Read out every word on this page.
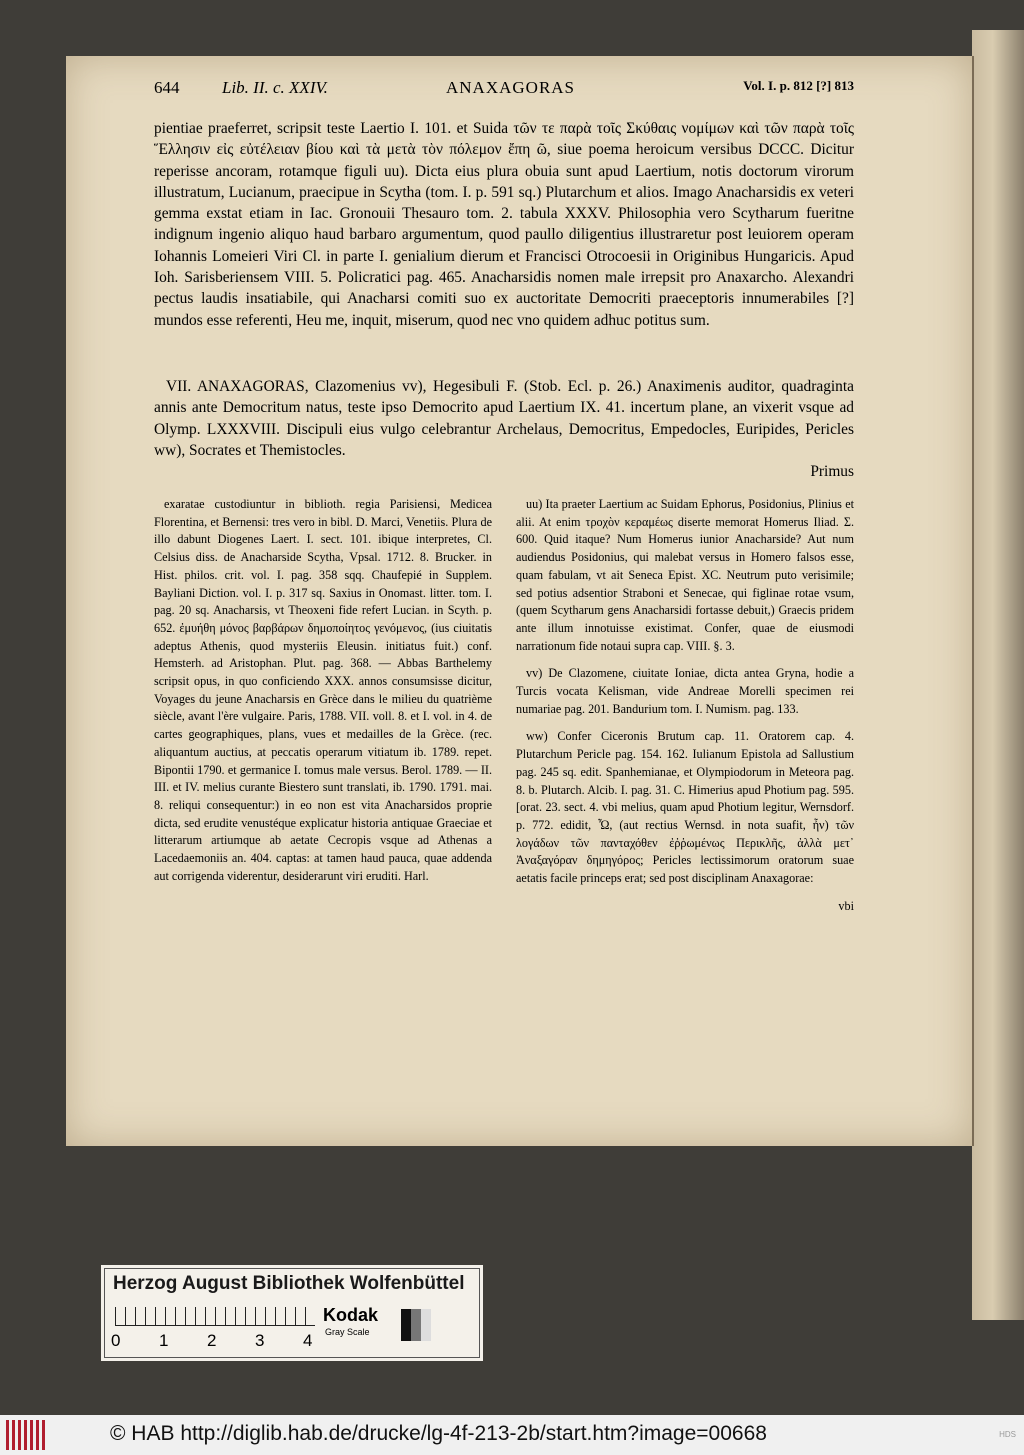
644	Lib. II. c. XXIV.	ANAXAGORAS	Vol. I. p. 812 [?] 813

pientiae praeferret, scripsit teste Laertio I. 101. et Suida τῶν τε παρὰ τοῖς Σκύθαις νομίμων καὶ τῶν παρὰ τοῖς Ἕλλησιν εἰς εὐτέλειαν βίου καὶ τὰ μετὰ τὸν πόλεμον ἔπη ῶ, siue poema heroicum versibus DCCC. Dicitur reperisse ancoram, rotamque figuli uu). Dicta eius plura obuia sunt apud Laertium, notis doctorum virorum illustratum, Lucianum, praecipue in Scytha (tom. I. p. 591 sq.) Plutarchum et alios. Imago Anacharsidis ex veteri gemma exstat etiam in Iac. Gronouii Thesauro tom. 2. tabula XXXV. Philosophia vero Scytharum fueritne indignum ingenio aliquo haud barbaro argumentum, quod paullo diligentius illustraretur post leuiorem operam Iohannis Lomeieri Viri Cl. in parte I. genialium dierum et Francisci Otrocoesii in Originibus Hungaricis. Apud Ioh. Sarisberiensem VIII. 5. Policratici pag. 465. Anacharsidis nomen male irrepsit pro Anaxarcho. Alexandri pectus laudis insatiabile, qui Anacharsi comiti suo ex auctoritate Democriti praeceptoris innumerabiles [?] mundos esse referenti, Heu me, inquit, miserum, quod nec vno quidem adhuc potitus sum.

VII. ANAXAGORAS, Clazomenius vv), Hegesibuli F. (Stob. Ecl. p. 26.) Anaximenis auditor, quadraginta annis ante Democritum natus, teste ipso Democrito apud Laertium IX. 41. incertum plane, an vixerit vsque ad Olymp. LXXXVIII. Discipuli eius vulgo celebrantur Archelaus, Democritus, Empedocles, Euripides, Pericles ww), Socrates et Themistocles.

Primus

exaratae custodiuntur in biblioth. regia Parisiensi, Medicea Florentina, et Bernensi: tres vero in bibl. D. Marci, Venetiis. Plura de illo dabunt Diogenes Laert. I. sect. 101. ibique interpretes, Cl. Celsius diss. de Anacharside Scytha, Vpsal. 1712. 8. Brucker. in Hist. philos. crit. vol. I. pag. 358 sqq. Chaufepié in Supplem. Bayliani Diction. vol. I. p. 317 sq. Saxius in Onomast. litter. tom. I. pag. 20 sq. Anacharsis, vt Theoxeni fide refert Lucian. in Scyth. p. 652. ἐμυήθη μόνος βαρβάρων δημοποίητος γενόμενος, (ius ciuitatis adeptus Athenis, quod mysteriis Eleusin. initiatus fuit.) conf. Hemsterh. ad Aristophan. Plut. pag. 368. — Abbas Barthelemy scripsit opus, in quo conficiendo XXX. annos consumsisse dicitur, Voyages du jeune Anacharsis en Grèce dans le milieu du quatrième siècle, avant l'ère vulgaire. Paris, 1788. VII. voll. 8. et I. vol. in 4. de cartes geographiques, plans, vues et medailles de la Grèce. (rec. aliquantum auctius, at peccatis operarum vitiatum ib. 1789. repet. Bipontii 1790. et germanice I. tomus male versus. Berol. 1789. — II. III. et IV. melius curante Biestero sunt translati, ib. 1790. 1791. mai. 8. reliqui consequentur:) in eo non est vita Anacharsidos proprie dicta, sed erudite venustéque explicatur historia antiquae Graeciae et litterarum artiumque ab aetate Cecropis vsque ad Athenas a Lacedaemoniis an. 404. captas: at tamen haud pauca, quae addenda aut corrigenda viderentur, desiderarunt viri eruditi. Harl.

uu) Ita praeter Laertium ac Suidam Ephorus, Posidonius, Plinius et alii. At enim τροχὸν κεραμέως diserte memorat Homerus Iliad. Σ. 600. Quid itaque? Num Homerus iunior Anacharside? Aut num audiendus Posidonius, qui malebat versus in Homero falsos esse, quam fabulam, vt ait Seneca Epist. XC. Neutrum puto verisimile; sed potius adsentior Straboni et Senecae, qui figlinae rotae vsum, (quem Scytharum gens Anacharsidi fortasse debuit,) Graecis pridem ante illum innotuisse existimat. Confer, quae de eiusmodi narrationum fide notaui supra cap. VIII. §. 3.

vv) De Clazomene, ciuitate Ioniae, dicta antea Gryna, hodie a Turcis vocata Kelisman, vide Andreae Morelli specimen rei numariae pag. 201. Bandurium tom. I. Numism. pag. 133.

ww) Confer Ciceronis Brutum cap. 11. Oratorem cap. 4. Plutarchum Pericle pag. 154. 162. Iulianum Epistola ad Sallustium pag. 245 sq. edit. Spanhemianae, et Olympiodorum in Meteora pag. 8. b. Plutarch. Alcib. I. pag. 31. C. Himerius apud Photium pag. 595. [orat. 23. sect. 4. vbi melius, quam apud Photium legitur, Wernsdorf. p. 772. edidit, Ὦ, (aut rectius Wernsd. in nota suafit, ἦν) τῶν λογάδων τῶν πανταχόθεν ἐῤῥωμένως Περικλῆς, ἀλλὰ μετ᾽ Ἀναξαγόραν δημηγόρος; Pericles lectissimorum oratorum suae aetatis facile princeps erat; sed post disciplinam Anaxagorae:

vbi
Herzog August Bibliothek Wolfenbüttel
0 1 2 3 4
Kodak
Gray Scale
© HAB http://diglib.hab.de/drucke/lg-4f-213-2b/start.htm?image=00668	HDS
